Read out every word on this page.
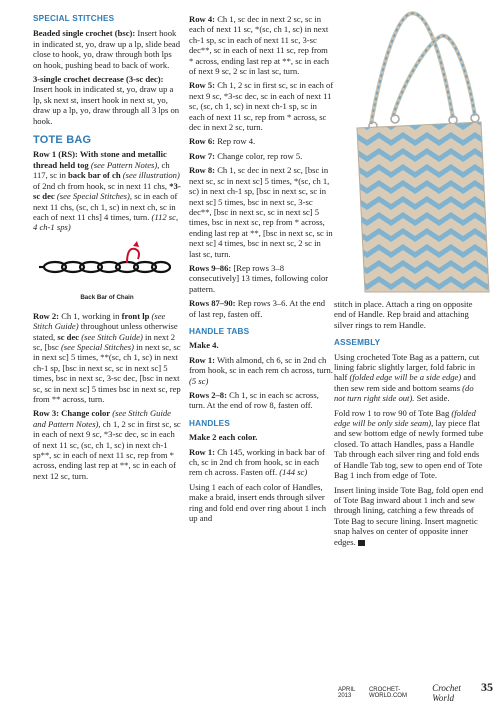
SPECIAL STITCHES

Beaded single crochet (bsc): Insert hook in indicated st, yo, draw up a lp, slide bead close to hook, yo, draw through both lps on hook, pushing bead to back of work.

3-single crochet decrease (3-sc dec): Insert hook in indicated st, yo, draw up a lp, sk next st, insert hook in next st, yo, draw up a lp, yo, draw through all 3 lps on hook.

TOTE BAG

Row 1 (RS): With stone and metallic thread held tog (see Pattern Notes), ch 117, sc in back bar of ch (see illustration) of 2nd ch from hook, sc in next 11 chs, *3-sc dec (see Special Stitches), sc in each of next 11 chs, (sc, ch 1, sc) in next ch, sc in each of next 11 chs] 4 times, turn. (112 sc, 4 ch-1 sps)

Back Bar of Chain

Row 2: Ch 1, working in front lp (see Stitch Guide) throughout unless otherwise stated, sc dec (see Stitch Guide) in next 2 sc, [bsc (see Special Stitches) in next sc, sc in next sc] 5 times, **(sc, ch 1, sc) in next ch-1 sp, [bsc in next sc, sc in next sc] 5 times, bsc in next sc, 3-sc dec, [bsc in next sc, sc in next sc] 5 times bsc in next sc, rep from ** across, turn.

Row 3: Change color (see Stitch Guide and Pattern Notes), ch 1, 2 sc in first sc, sc in each of next 9 sc, *3-sc dec, sc in each of next 11 sc, (sc, ch 1, sc) in next ch-1 sp**, sc in each of next 11 sc, rep from * across, ending last rep at **, sc in each of next 12 sc, turn.

Row 4: Ch 1, sc dec in next 2 sc, sc in each of next 11 sc, *(sc, ch 1, sc) in next ch-1 sp, sc in each of next 11 sc, 3-sc dec**, sc in each of next 11 sc, rep from * across, ending last rep at **, sc in each of next 9 sc, 2 sc in last sc, turn.

Row 5: Ch 1, 2 sc in first sc, sc in each of next 9 sc, *3-sc dec, sc in each of next 11 sc, (sc, ch 1, sc) in next ch-1 sp, sc in each of next 11 sc, rep from * across, sc dec in next 2 sc, turn.

Row 6: Rep row 4.

Row 7: Change color, rep row 5.

Row 8: Ch 1, sc dec in next 2 sc, [bsc in next sc, sc in next sc] 5 times, *(sc, ch 1, sc) in next ch-1 sp, [bsc in next sc, sc in next sc] 5 times, bsc in next sc, 3-sc dec**, [bsc in next sc, sc in next sc] 5 times, bsc in next sc, rep from * across, ending last rep at **, [bsc in next sc, sc in next sc] 4 times, bsc in next sc, 2 sc in last sc, turn.

Rows 9–86: [Rep rows 3–8 consecutively] 13 times, following color pattern.

Rows 87–90: Rep rows 3–6. At the end of last rep, fasten off.

HANDLE TABS

Make 4.

Row 1: With almond, ch 6, sc in 2nd ch from hook, sc in each rem ch across, turn. (5 sc)

Rows 2–8: Ch 1, sc in each sc across, turn. At the end of row 8, fasten off.

HANDLES

Make 2 each color.

Row 1: Ch 145, working in back bar of ch, sc in 2nd ch from hook, sc in each rem ch across. Fasten off. (144 sc)

Using 1 each of each color of Handles, make a braid, insert ends through silver ring and fold end over ring about 1 inch up and

stitch in place. Attach a ring on opposite end of Handle. Rep braid and attaching silver rings to rem Handle.

ASSEMBLY

Using crocheted Tote Bag as a pattern, cut lining fabric slightly larger, fold fabric in half (folded edge will be a side edge) and then sew rem side and bottom seams (do not turn right side out). Set aside.

Fold row 1 to row 90 of Tote Bag (folded edge will be only side seam), lay piece flat and sew bottom edge of newly formed tube closed. To attach Handles, pass a Handle Tab through each silver ring and fold ends of Handle Tab tog, sew to open end of Tote Bag 1 inch from edge of Tote.

Insert lining inside Tote Bag, fold open end of Tote Bag inward about 1 inch and sew through lining, catching a few threads of Tote Bag to secure lining. Insert magnetic snap halves on center of opposite inner edges.

APRIL 2013
CROCHET-WORLD.COM
Crochet World
35
